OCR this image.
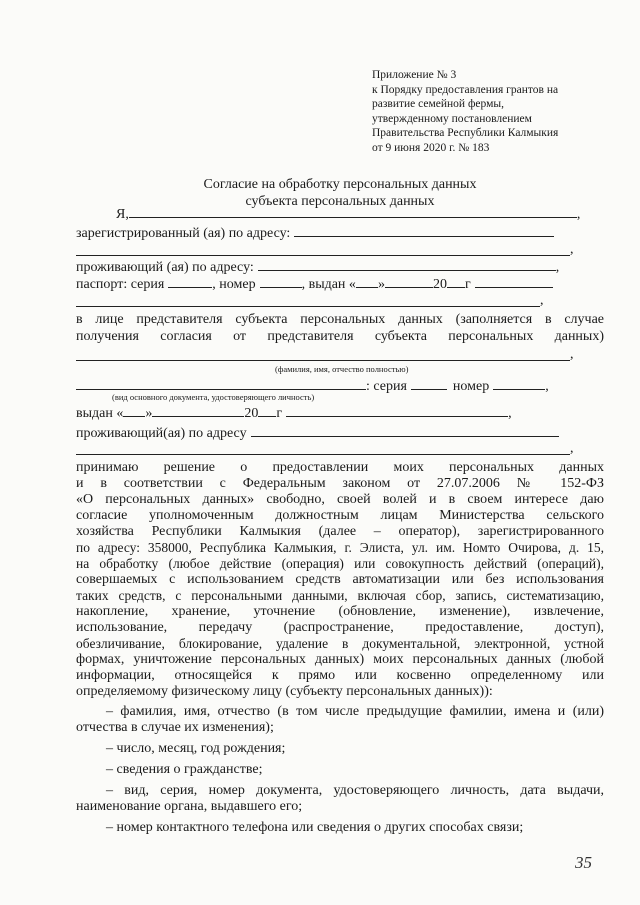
Приложение № 3
к Порядку предоставления грантов на
развитие семейной фермы,
утвержденному постановлением
Правительства Республики Калмыкия
от 9 июня 2020 г. № 183
Согласие на обработку персональных данных
субъекта персональных данных
Я,	,
зарегистрированный (ая) по адресу:
,
проживающий (ая) по адресу:	,
паспорт: серия	, номер	, выдан « »	20 г
,
в лице представителя субъекта персональных данных (заполняется в случае
получения согласия от представителя субъекта персональных данных)
,
(фамилия, имя, отчество полностью)
: серия	номер	,
(вид основного документа, удостоверяющего личность)
выдан « »	20 г	,
проживающий(ая) по адресу
,
принимаю решение о предоставлении моих персональных данных
и в соответствии с Федеральным законом от 27.07.2006 № 152-ФЗ
«О персональных данных» свободно, своей волей и в своем интересе даю
согласие уполномоченным должностным лицам Министерства сельского
хозяйства Республики Калмыкия (далее – оператор), зарегистрированного
по адресу: 358000, Республика Калмыкия, г. Элиста, ул. им. Номто Очирова, д. 15,
на обработку (любое действие (операция) или совокупность действий (операций),
совершаемых с использованием средств автоматизации или без использования
таких средств, с персональными данными, включая сбор, запись, систематизацию,
накопление, хранение, уточнение (обновление, изменение), извлечение,
использование, передачу (распространение, предоставление, доступ),
обезличивание, блокирование, удаление в документальной, электронной, устной
формах, уничтожение персональных данных) моих персональных данных (любой
информации, относящейся к прямо или косвенно определенному или
определяемому физическому лицу (субъекту персональных данных)):
– фамилия, имя, отчество (в том числе предыдущие фамилии, имена и (или)
отчества в случае их изменения);
– число, месяц, год рождения;
– сведения о гражданстве;
– вид, серия, номер документа, удостоверяющего личность, дата выдачи,
наименование органа, выдавшего его;
– номер контактного телефона или сведения о других способах связи;
35
